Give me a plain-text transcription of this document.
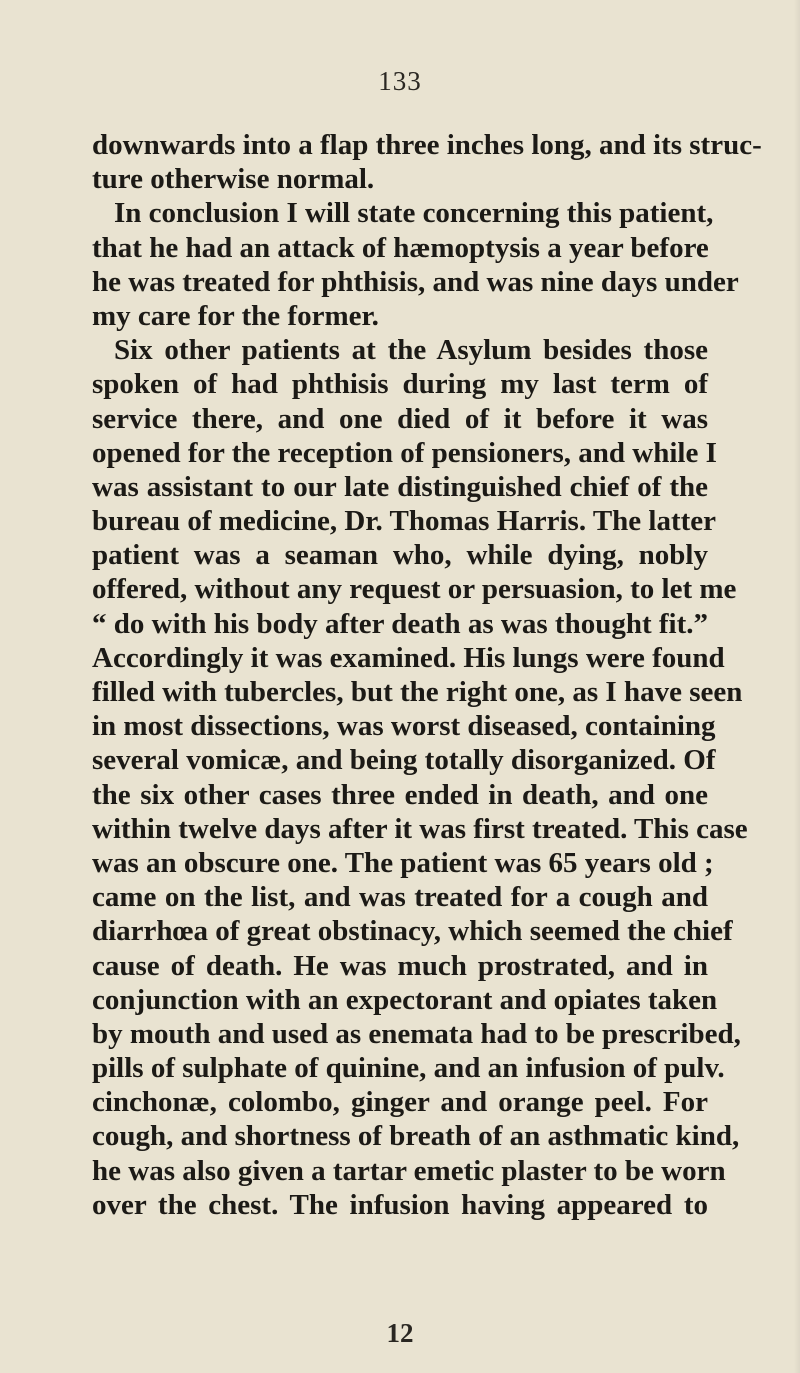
133
downwards into a flap three inches long, and its struc-
ture otherwise normal.
In conclusion I will state concerning this patient,
that he had an attack of hæmoptysis a year before
he was treated for phthisis, and was nine days under
my care for the former.
Six other patients at the Asylum besides those
spoken of had phthisis during my last term of
service there, and one died of it before it was
opened for the reception of pensioners, and while I
was assistant to our late distinguished chief of the
bureau of medicine, Dr. Thomas Harris. The latter
patient was a seaman who, while dying, nobly
offered, without any request or persuasion, to let me
“ do with his body after death as was thought fit.”
Accordingly it was examined. His lungs were found
filled with tubercles, but the right one, as I have seen
in most dissections, was worst diseased, containing
several vomicæ, and being totally disorganized. Of
the six other cases three ended in death, and one
within twelve days after it was first treated. This case
was an obscure one. The patient was 65 years old ;
came on the list, and was treated for a cough and
diarrhœa of great obstinacy, which seemed the chief
cause of death. He was much prostrated, and in
conjunction with an expectorant and opiates taken
by mouth and used as enemata had to be prescribed,
pills of sulphate of quinine, and an infusion of pulv.
cinchonæ, colombo, ginger and orange peel. For
cough, and shortness of breath of an asthmatic kind,
he was also given a tartar emetic plaster to be worn
over the chest. The infusion having appeared to
12
